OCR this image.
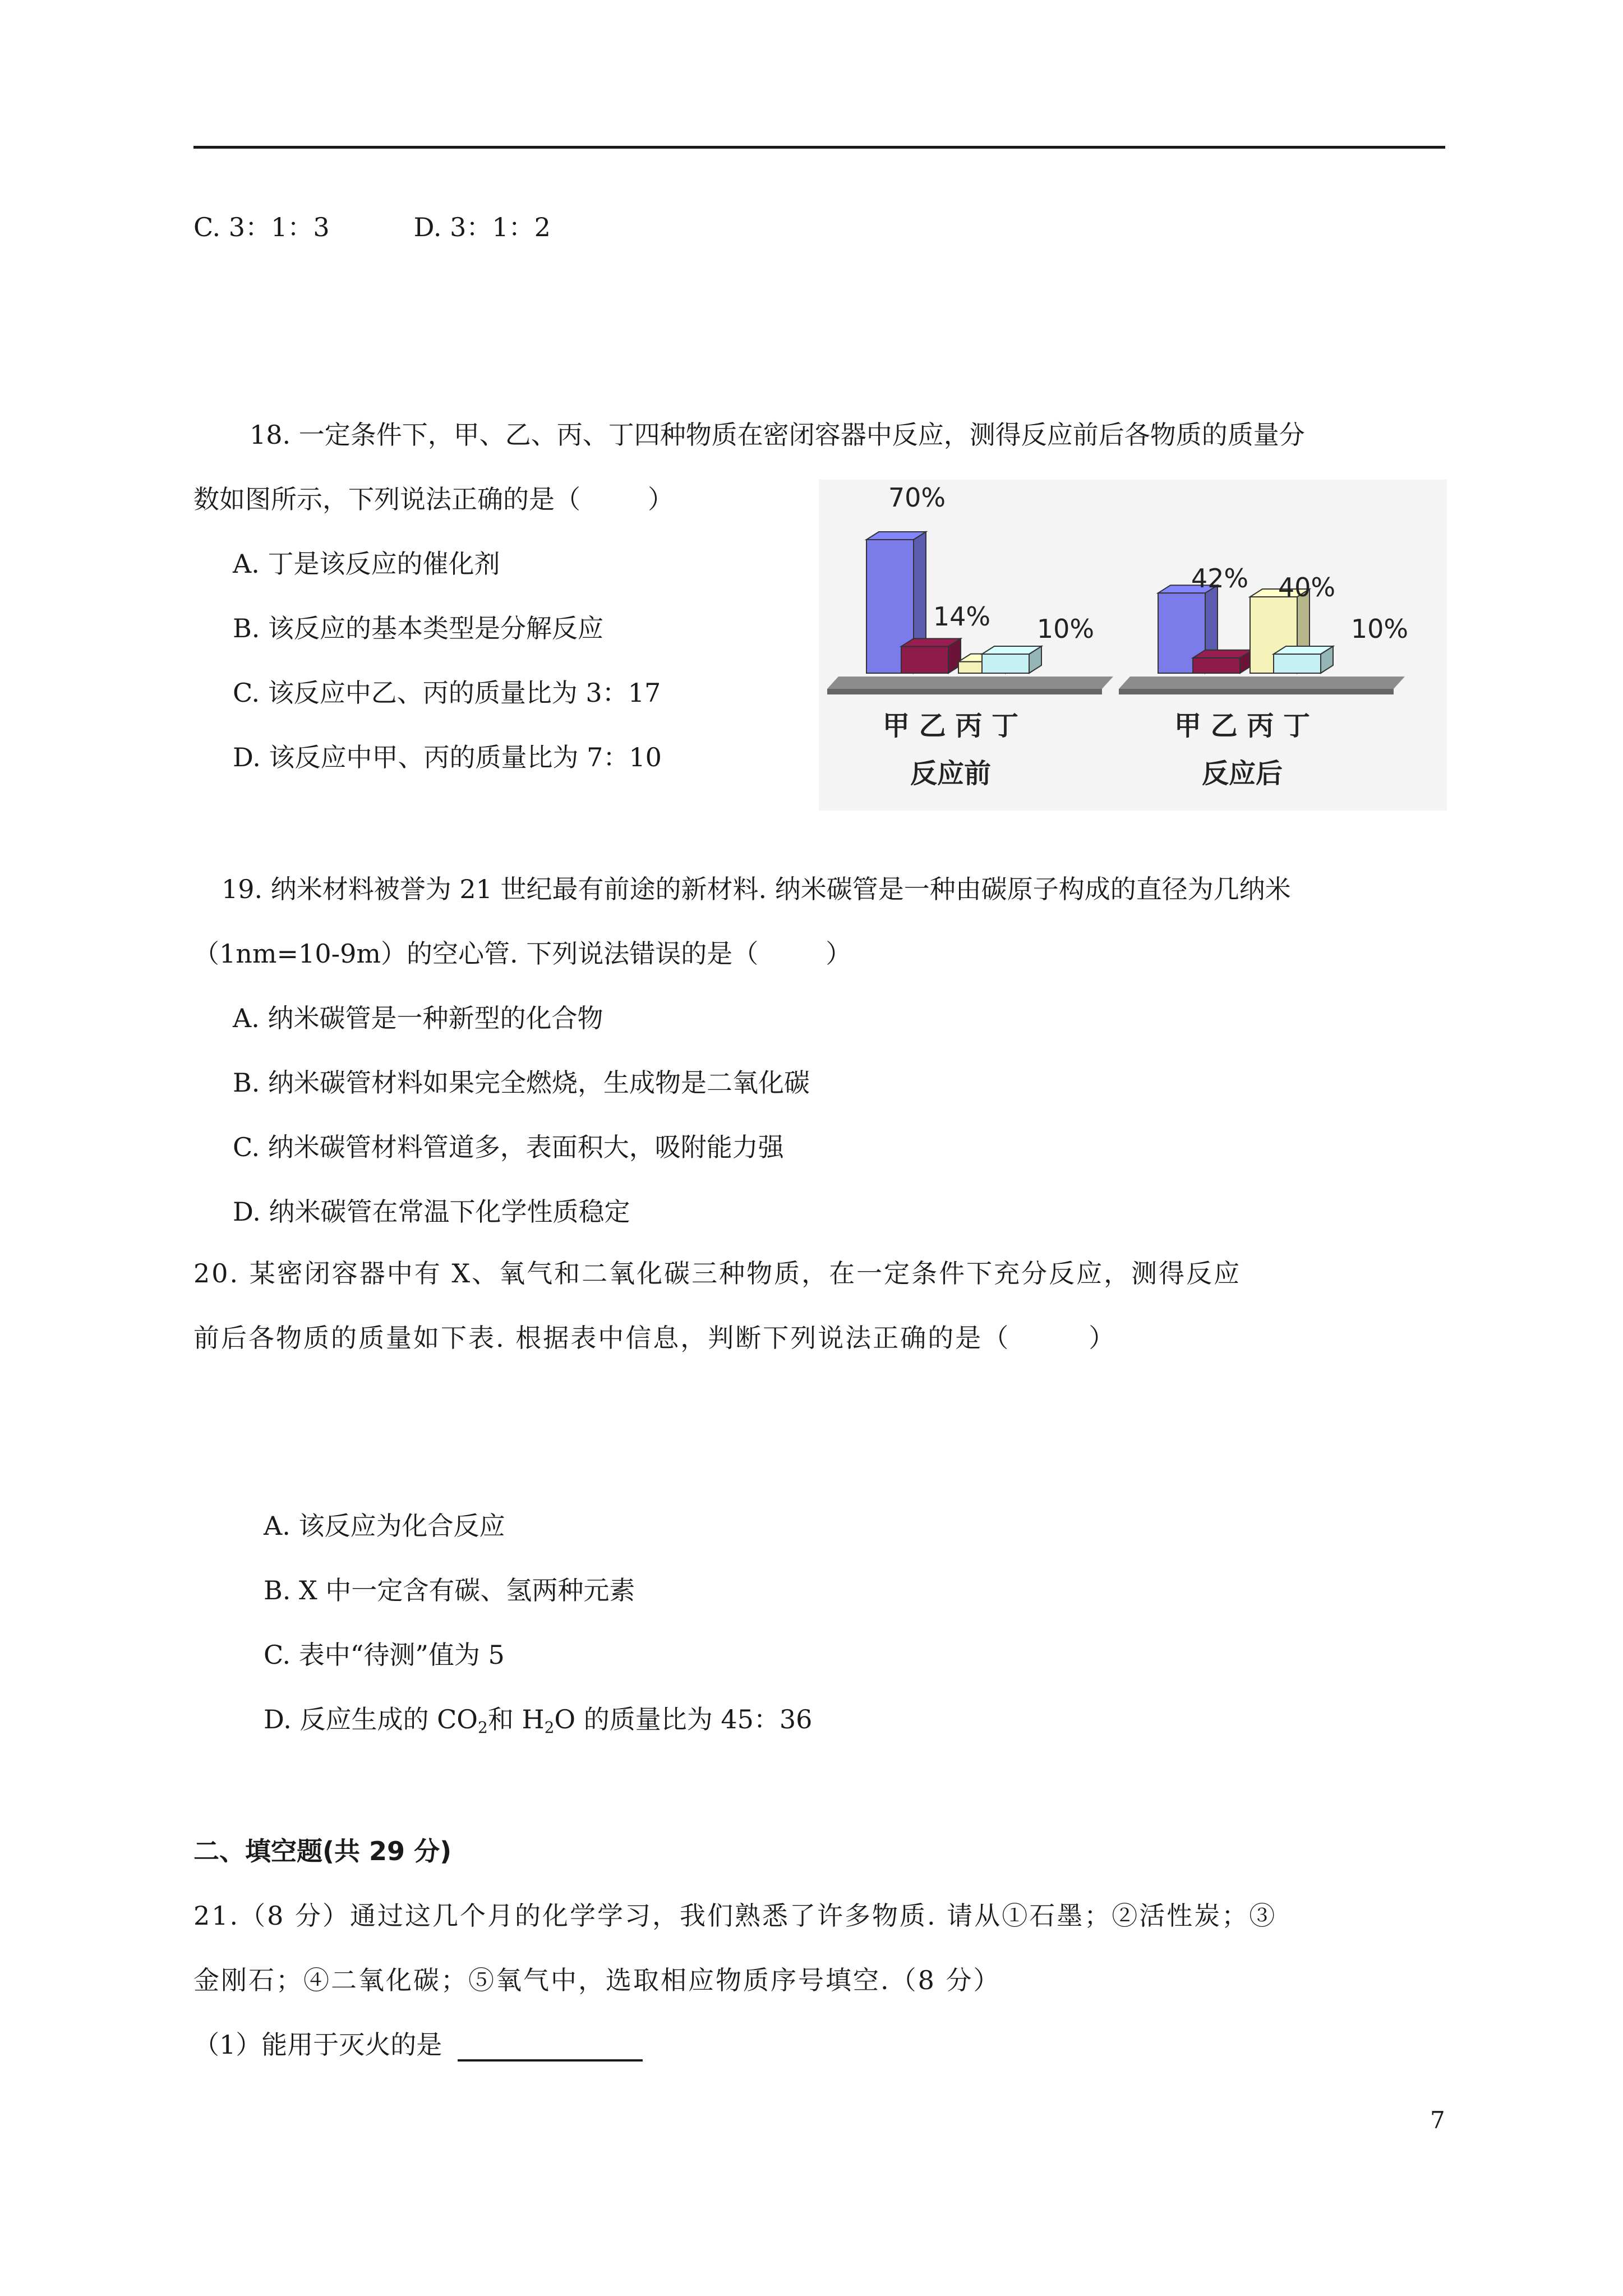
C. 3：1：3	D. 3：1：2
18. 一定条件下，甲、乙、丙、丁四种物质在密闭容器中反应，测得反应前后各物质的质量分
数如图所示，下列说法正确的是（	）
A. 丁是该反应的催化剂
B. 该反应的基本类型是分解反应
C. 该反应中乙、丙的质量比为 3：17
D. 该反应中甲、丙的质量比为 7：10
70%
14% 10%
42% 40%
10%
甲 乙 丙 丁
反应前
甲 乙 丙 丁
反应后
19. 纳米材料被誉为 21 世纪最有前途的新材料. 纳米碳管是一种由碳原子构成的直径为几纳米
（1nm=10-9m）的空心管. 下列说法错误的是（	）
A. 纳米碳管是一种新型的化合物
B. 纳米碳管材料如果完全燃烧，生成物是二氧化碳
C. 纳米碳管材料管道多，表面积大，吸附能力强
D. 纳米碳管在常温下化学性质稳定
20. 某密闭容器中有 X、氧气和二氧化碳三种物质，在一定条件下充分反应，测得反应
前后各物质的质量如下表. 根据表中信息，判断下列说法正确的是（	）
A. 该反应为化合反应
B. X 中一定含有碳、氢两种元素
C. 表中“待测”值为 5
D. 反应生成的 $CO_2$和 $H_2O$ 的质量比为 45：36
二、填空题(共 29 分)
21.（8 分）通过这几个月的化学学习，我们熟悉了许多物质. 请从①石墨；②活性炭；③
金刚石；④二氧化碳；⑤氧气中，选取相应物质序号填空.（8 分）
（1）能用于灭火的是
7
